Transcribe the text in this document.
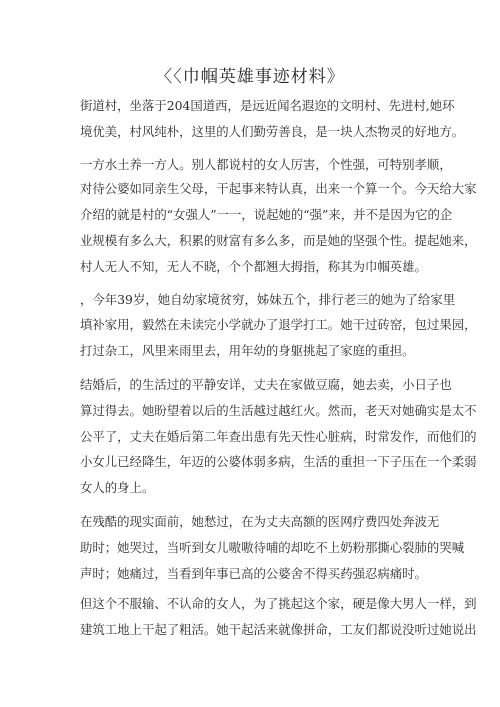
〈〈巾帼英雄事迹材料》
街道村，坐落于204国道西，是远近闻名遐迩的文明村、先进村,她环
境优美，村风纯朴，这里的人们勤劳善良，是一块人杰物灵的好地方。
一方水土养一方人。别人都说村的女人厉害，个性强，可特别孝顺，
对待公婆如同亲生父母，干起事来特认真，出来一个算一个。今天给大家
介绍的就是村的“女强人”一一，说起她的“强”来，并不是因为它的企
业规模有多么大，积累的财富有多么多，而是她的坚强个性。提起她来，
村人无人不知，无人不晓，个个都翘大拇指，称其为巾帼英雄。
，今年39岁，她自幼家境贫穷，姊妹五个，排行老三的她为了给家里
填补家用，毅然在未读完小学就办了退学打工。她干过砖窑，包过果园，
打过杂工，风里来雨里去，用年幼的身躯挑起了家庭的重担。
结婚后，的生活过的平静安详，丈夫在家做豆腐，她去卖，小日子也
算过得去。她盼望着以后的生活越过越红火。然而，老天对她确实是太不
公平了，丈夫在婚后第二年查出患有先天性心脏病，时常发作，而他们的
小女儿已经降生，年迈的公婆体弱多病，生活的重担一下子压在一个柔弱
女人的身上。
在残酷的现实面前，她愁过，在为丈夫高额的医网疗费四处奔波无
助时；她哭过，当听到女儿嗷嗷待哺的却吃不上奶粉那撕心裂肺的哭喊
声时；她痛过，当看到年事已高的公婆舍不得买药强忍病痛时。
但这个不服输、不认命的女人，为了挑起这个家，硬是像大男人一样，到
建筑工地上干起了粗活。她干起活来就像拼命，工友们都说没听过她说出
